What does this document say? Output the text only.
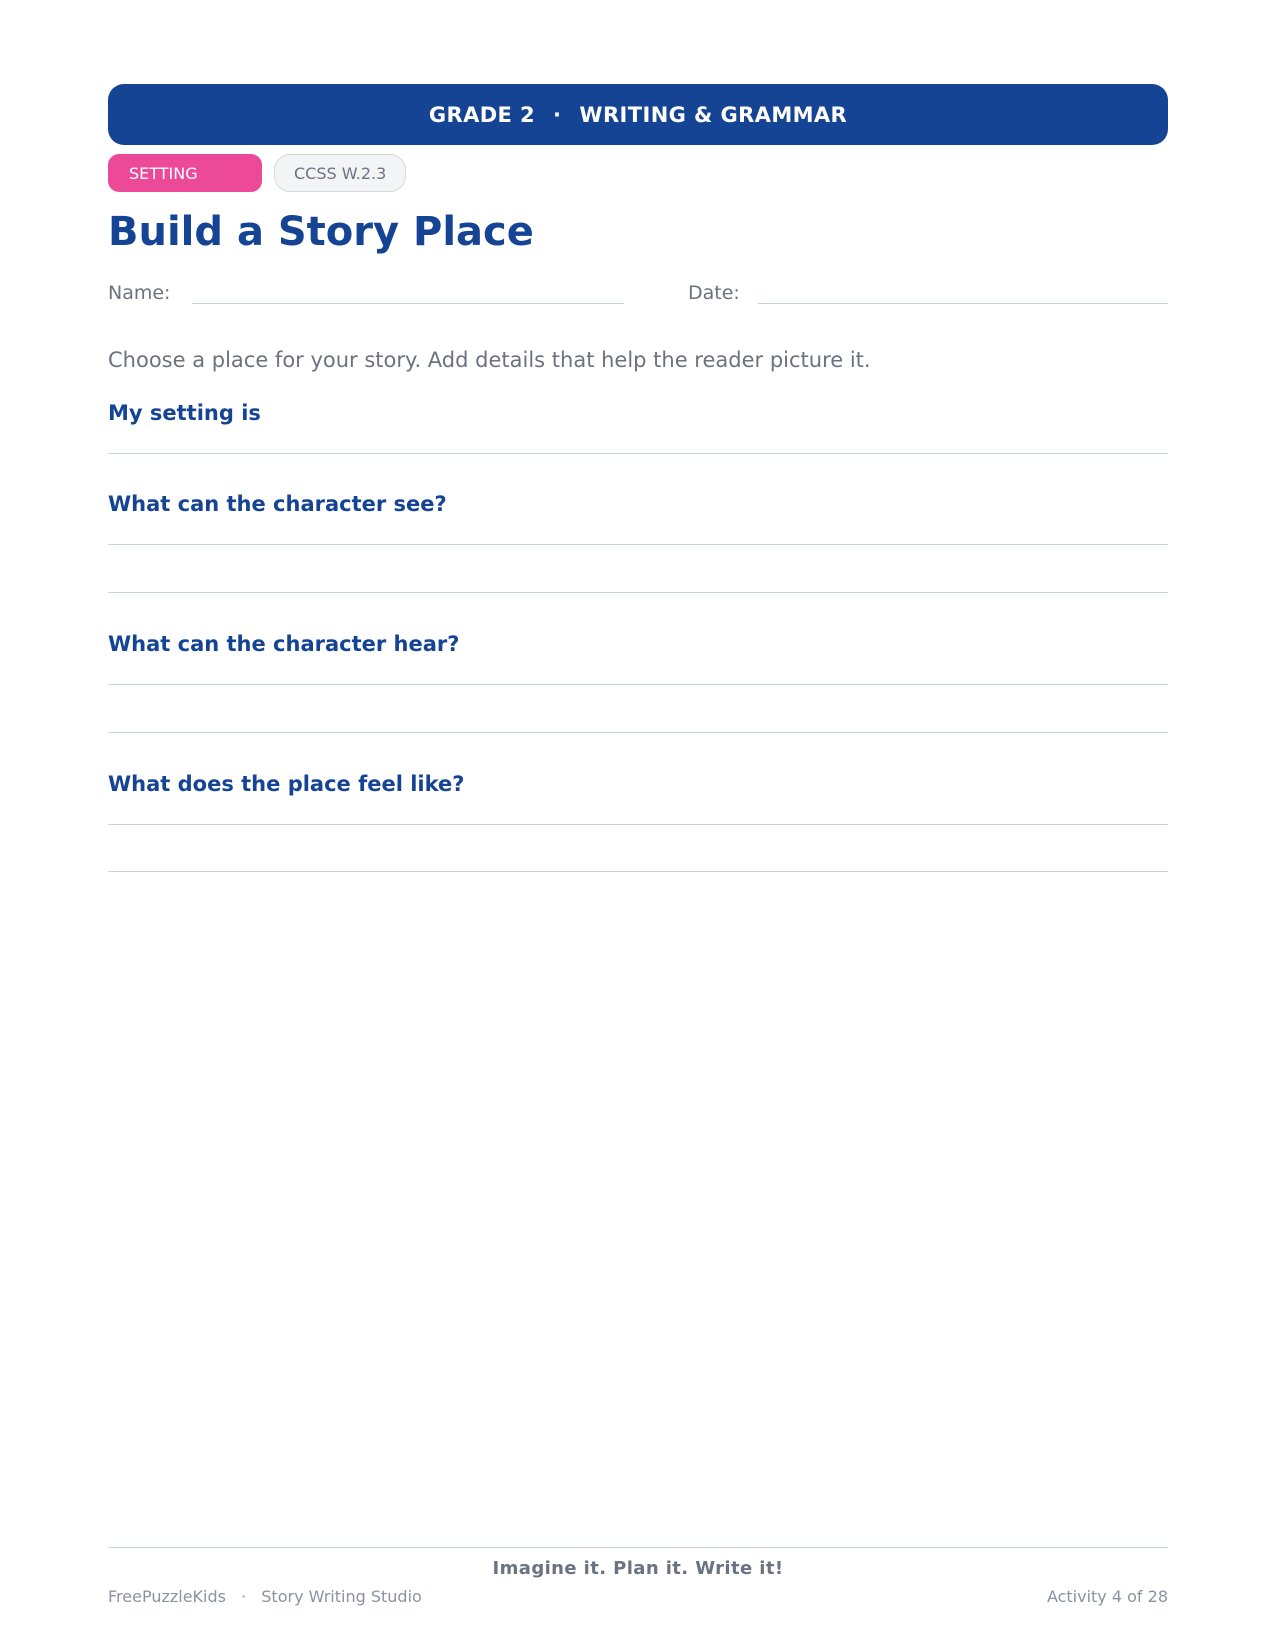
GRADE 2 · WRITING & GRAMMAR
SETTING	CCSS W.2.3
Build a Story Place
Name:	Date:
Choose a place for your story. Add details that help the reader picture it.
My setting is
What can the character see?
What can the character hear?
What does the place feel like?
Imagine it. Plan it. Write it!
FreePuzzleKids · Story Writing Studio	Activity 4 of 28
